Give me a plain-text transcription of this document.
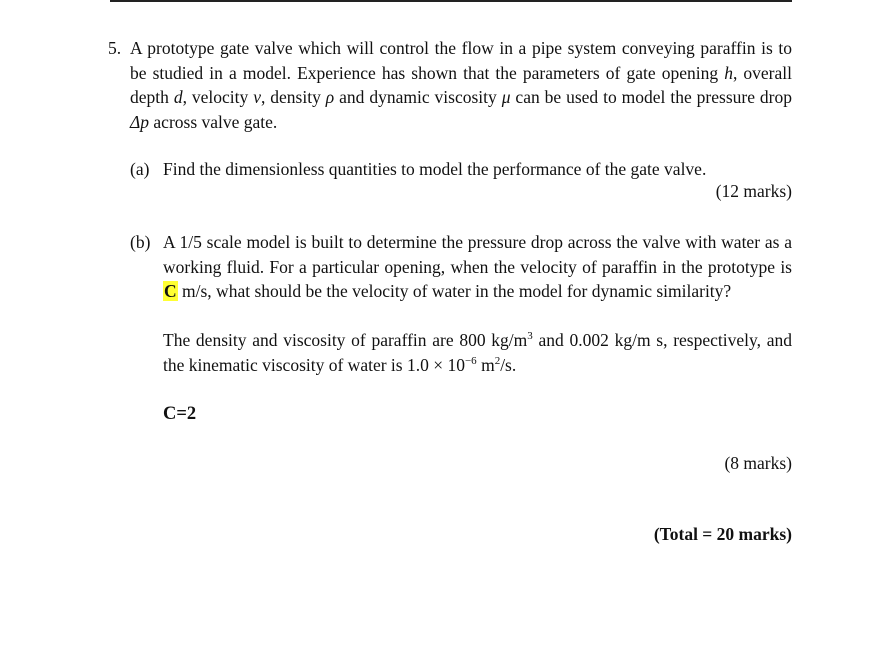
5. A prototype gate valve which will control the flow in a pipe system conveying paraffin is to be studied in a model. Experience has shown that the parameters of gate opening h, overall depth d, velocity v, density ρ and dynamic viscosity μ can be used to model the pressure drop Δp across valve gate.
(a) Find the dimensionless quantities to model the performance of the gate valve.
(12 marks)
(b) A 1/5 scale model is built to determine the pressure drop across the valve with water as a working fluid. For a particular opening, when the velocity of paraffin in the prototype is C m/s, what should be the velocity of water in the model for dynamic similarity?
The density and viscosity of paraffin are 800 $kg/m^3$ and 0.002 kg/m s, respectively, and the kinematic viscosity of water is $1.0 \times 10^{-6}$ $m^2/s$.
C=2
(8 marks)
(Total = 20 marks)
